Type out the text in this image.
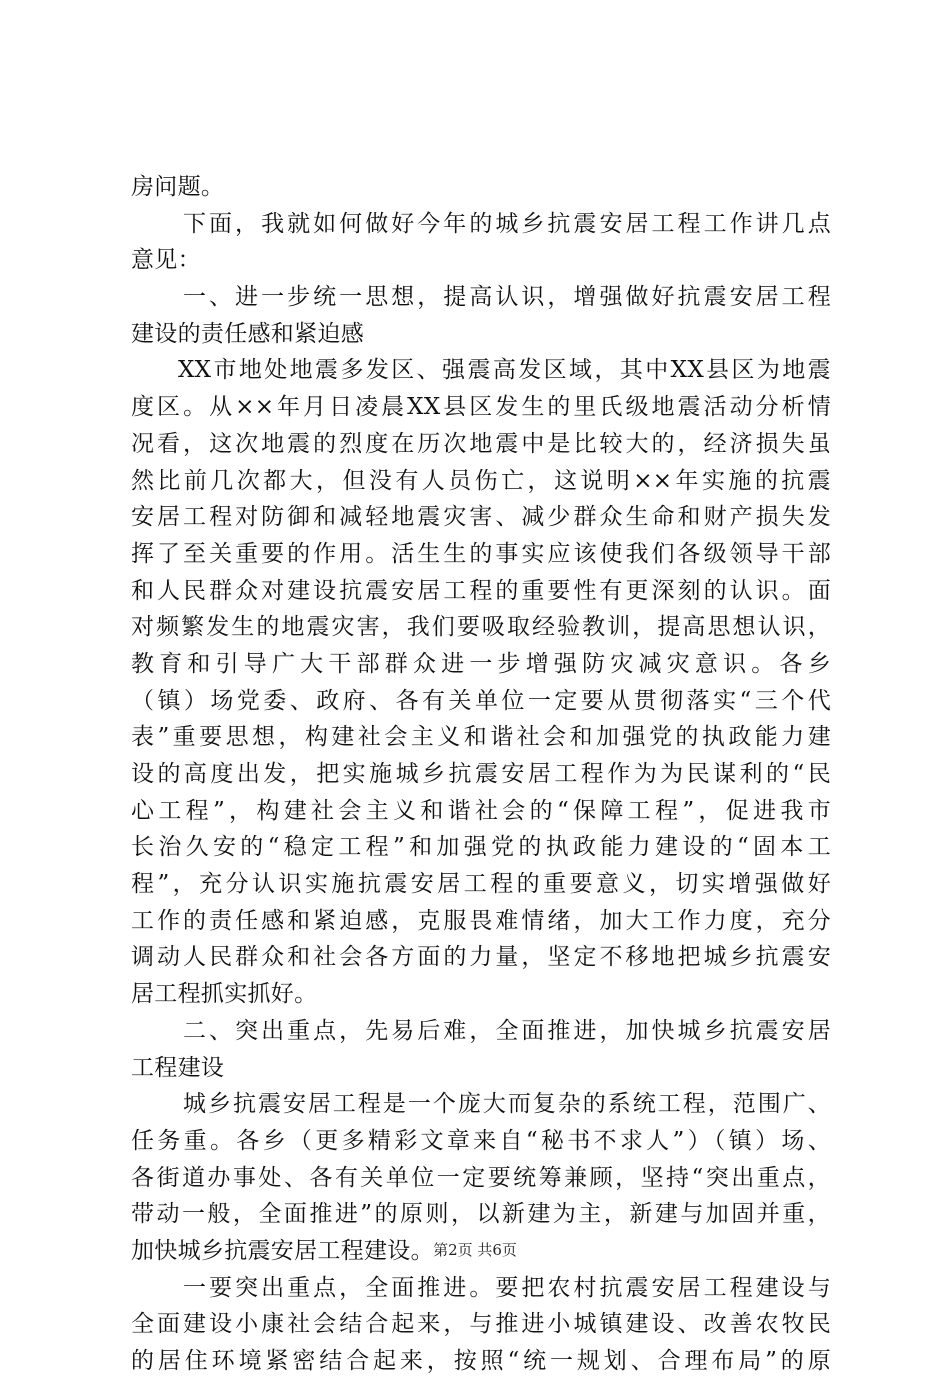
房问题。
下面，我就如何做好今年的城乡抗震安居工程工作讲几点
意见：
一、进一步统一思想，提高认识，增强做好抗震安居工程
建设的责任感和紧迫感
XX市地处地震多发区、强震高发区域，其中XX县区为地震
度区。从××年月日凌晨XX县区发生的里氏级地震活动分析情
况看，这次地震的烈度在历次地震中是比较大的，经济损失虽
然比前几次都大，但没有人员伤亡，这说明××年实施的抗震
安居工程对防御和减轻地震灾害、减少群众生命和财产损失发
挥了至关重要的作用。活生生的事实应该使我们各级领导干部
和人民群众对建设抗震安居工程的重要性有更深刻的认识。面
对频繁发生的地震灾害，我们要吸取经验教训，提高思想认识，
教育和引导广大干部群众进一步增强防灾减灾意识。各乡
（镇）场党委、政府、各有关单位一定要从贯彻落实“三个代
表”重要思想，构建社会主义和谐社会和加强党的执政能力建
设的高度出发，把实施城乡抗震安居工程作为为民谋利的“民
心工程”，构建社会主义和谐社会的“保障工程”，促进我市
长治久安的“稳定工程”和加强党的执政能力建设的“固本工
程”，充分认识实施抗震安居工程的重要意义，切实增强做好
工作的责任感和紧迫感，克服畏难情绪，加大工作力度，充分
调动人民群众和社会各方面的力量，坚定不移地把城乡抗震安
居工程抓实抓好。
二、突出重点，先易后难，全面推进，加快城乡抗震安居
工程建设
城乡抗震安居工程是一个庞大而复杂的系统工程，范围广、
任务重。各乡（更多精彩文章来自“秘书不求人”）（镇）场、
各街道办事处、各有关单位一定要统筹兼顾，坚持“突出重点，
带动一般，全面推进”的原则，以新建为主，新建与加固并重，
加快城乡抗震安居工程建设。
一要突出重点，全面推进。要把农村抗震安居工程建设与
全面建设小康社会结合起来，与推进小城镇建设、改善农牧民
的居住环境紧密结合起来，按照“统一规划、合理布局”的原
第2页 共6页
